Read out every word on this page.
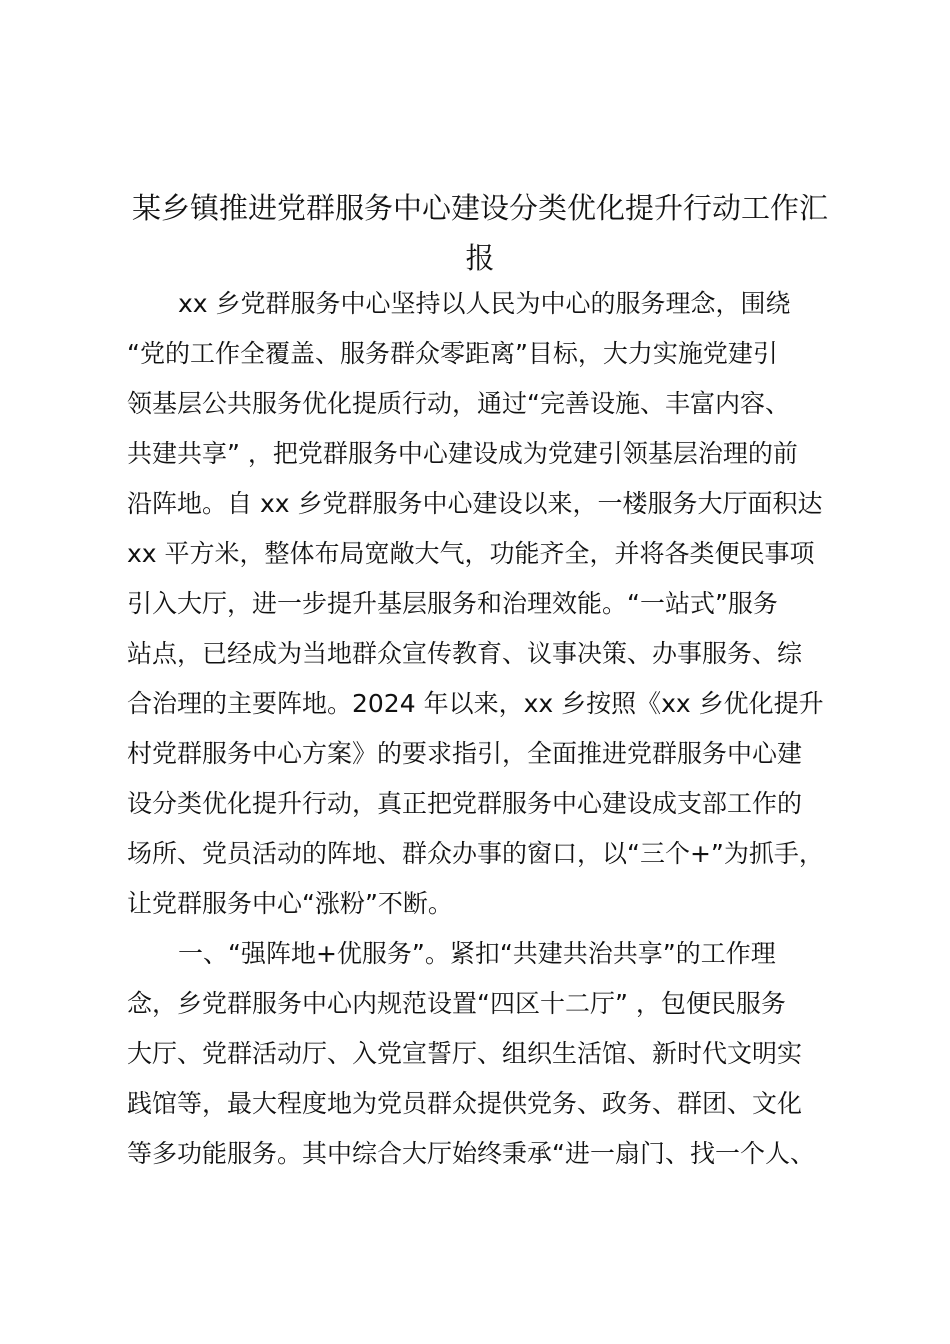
某乡镇推进党群服务中心建设分类优化提升行动工作汇
报
xx 乡党群服务中心坚持以人民为中心的服务理念，围绕
“党的工作全覆盖、服务群众零距离”目标，大力实施党建引
领基层公共服务优化提质行动，通过“完善设施、丰富内容、
共建共享” ，把党群服务中心建设成为党建引领基层治理的前
沿阵地。自 xx 乡党群服务中心建设以来，一楼服务大厅面积达
xx 平方米，整体布局宽敞大气，功能齐全，并将各类便民事项
引入大厅，进一步提升基层服务和治理效能。“一站式”服务
站点，已经成为当地群众宣传教育、议事决策、办事服务、综
合治理的主要阵地。2024 年以来，xx 乡按照《xx 乡优化提升
村党群服务中心方案》的要求指引，全面推进党群服务中心建
设分类优化提升行动，真正把党群服务中心建设成支部工作的
场所、党员活动的阵地、群众办事的窗口，以“三个+”为抓手，
让党群服务中心“涨粉”不断。
一、“强阵地+优服务”。紧扣“共建共治共享”的工作理
念，乡党群服务中心内规范设置“四区十二厅” ，包便民服务
大厅、党群活动厅、入党宣誓厅、组织生活馆、新时代文明实
践馆等，最大程度地为党员群众提供党务、政务、群团、文化
等多功能服务。其中综合大厅始终秉承“进一扇门、找一个人、
